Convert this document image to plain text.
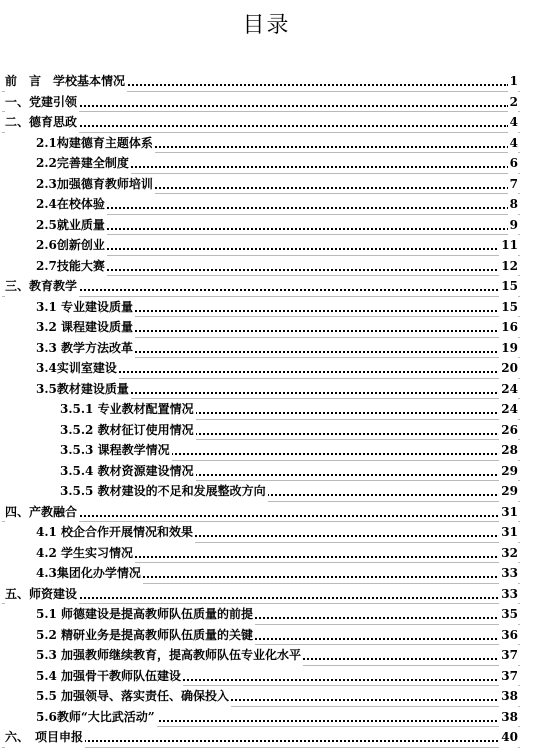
目录
前　言　学校基本情况	1
一、党建引领	2
二、德育思政	4
2.1构建德育主题体系	4
2.2完善建全制度	6
2.3加强德育教师培训	7
2.4在校体验	8
2.5就业质量	9
2.6创新创业	11
2.7技能大赛	12
三、教育教学	15
3.1 专业建设质量	15
3.2 课程建设质量	16
3.3 教学方法改革	19
3.4实训室建设	20
3.5教材建设质量	24
3.5.1 专业教材配置情况	24
3.5.2 教材征订使用情况	26
3.5.3 课程教学情况	28
3.5.4 教材资源建设情况	29
3.5.5 教材建设的不足和发展整改方向	29
四、产教融合	31
4.1 校企合作开展情况和效果	31
4.2 学生实习情况	32
4.3集团化办学情况	33
五、师资建设	33
5.1 师德建设是提高教师队伍质量的前提	35
5.2 精研业务是提高教师队伍质量的关键	36
5.3 加强教师继续教育，提高教师队伍专业化水平	37
5.4 加强骨干教师队伍建设	37
5.5 加强领导、落实责任、确保投入	38
5.6教师“大比武活动”	38
六、　项目申报	40
